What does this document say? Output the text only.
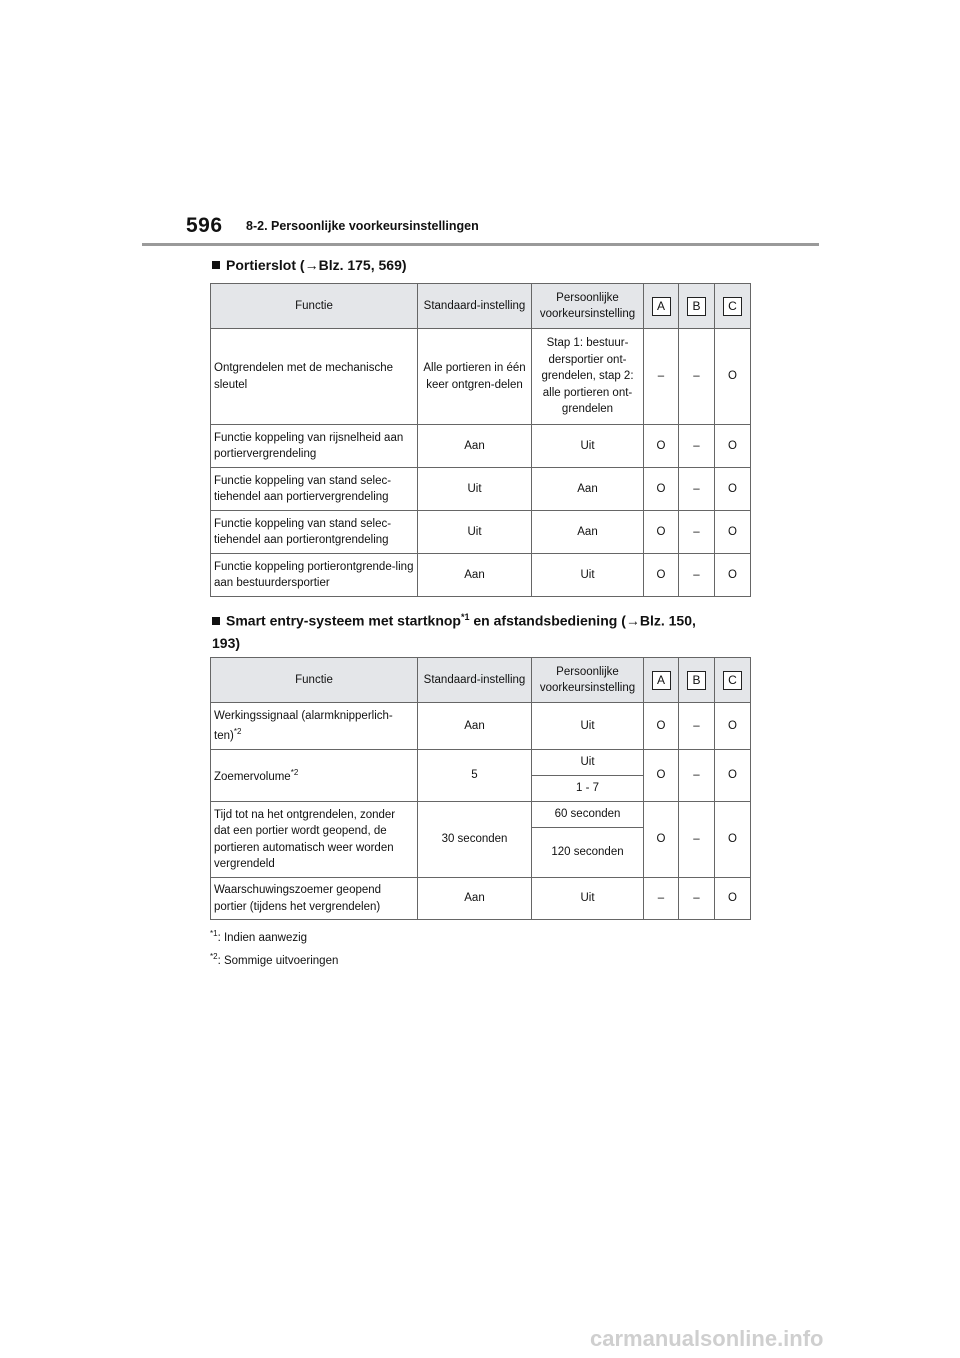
596 8-2. Persoonlijke voorkeursinstellingen
Portierslot (→Blz. 175, 569)
Functie	Standaard-instelling	Persoonlijke voorkeursinstelling	A	B	C
Ontgrendelen met de mechanische sleutel	Alle portieren in één keer ontgren-delen	Stap 1: bestuur-dersportier ont-grendelen, stap 2: alle portieren ont-grendelen	–	–	O
Functie koppeling van rijsnelheid aan portiervergrendeling	Aan	Uit	O	–	O
Functie koppeling van stand selec-tiehendel aan portiervergrendeling	Uit	Aan	O	–	O
Functie koppeling van stand selec-tiehendel aan portierontgrendeling	Uit	Aan	O	–	O
Functie koppeling portierontgrende-ling aan bestuurdersportier	Aan	Uit	O	–	O
Smart entry-systeem met startknop$^{*1}$ en afstandsbediening (→Blz. 150,
193)
Functie	Standaard-instelling	Persoonlijke voorkeursinstelling	A	B	C
Werkingssignaal (alarmknipperlich-ten)$^{*2}$	Aan	Uit	O	–	O
Zoemervolume$^{*2}$	5	Uit	O	–	O
		1 - 7			
Tijd tot na het ontgrendelen, zonder dat een portier wordt geopend, de portieren automatisch weer worden vergrendeld	30 seconden	60 seconden	O	–	O
		120 seconden			
Waarschuwingszoemer geopend portier (tijdens het vergrendelen)	Aan	Uit	–	–	O
$^{*1}$: Indien aanwezig
$^{*2}$: Sommige uitvoeringen
carmanualsonline.info
